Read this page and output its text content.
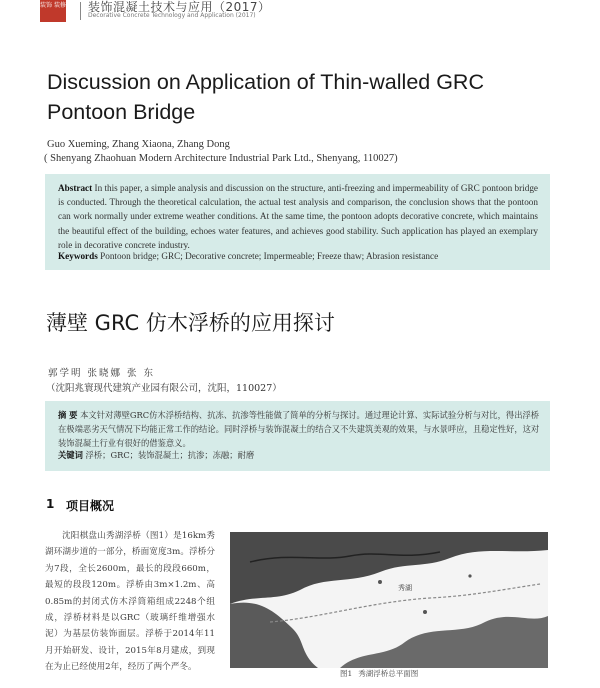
装饰 装修 装饰混凝土技术与应用（2017）
Decorative Concrete Technology and Application (2017)
Discussion on Application of Thin-walled GRC Pontoon Bridge
Guo Xueming, Zhang Xiaona, Zhang Dong
( Shenyang Zhaohuan Modern Architecture Industrial Park Ltd., Shenyang, 110027)
Abstract In this paper, a simple analysis and discussion on the structure, anti-freezing and impermeability of GRC pontoon bridge is conducted. Through the theoretical calculation, the actual test analysis and comparison, the conclusion shows that the pontoon can work normally under extreme weather conditions. At the same time, the pontoon adopts decorative concrete, which maintains the beautiful effect of the building, echoes water features, and achieves good stability. Such application has played an exemplary role in decorative concrete industry.
Keywords Pontoon bridge; GRC; Decorative concrete; Impermeable; Freeze thaw; Abrasion resistance
薄壁 GRC 仿木浮桥的应用探讨
郭学明 张晓娜 张 东
（沈阳兆寰现代建筑产业园有限公司，沈阳，110027）
摘 要 本文针对薄壁GRC仿木浮桥结构、抗冻、抗渗等性能做了简单的分析与探讨。通过理论计算、实际试验分析与对比，得出浮桥在极端恶劣天气情况下均能正常工作的结论。同时浮桥与装饰混凝土的结合又不失建筑美观的效果，与水景呼应，且稳定性好，这对装饰混凝土行业有很好的借鉴意义。
关键词 浮桥；GRC；装饰混凝土；抗渗；冻融；耐磨
1 项目概况

沈阳棋盘山秀湖浮桥（图1）是16km秀湖环湖步道的一部分，桥面宽度3m。浮桥分为7段，全长2600m，最长的段段660m，最短的段段120m。浮桥由3m×1.2m、高0.85m的封闭式仿木浮筒箱组成2248个组成，浮桥材料是以GRC（玻璃纤维增强水泥）为基层仿装饰面层。浮桥于2014年11月开始研发、设计，2015年8月建成，到现在为止已经使用2年，经历了两个严冬。

秀湖
图1 秀湖浮桥总平面图
